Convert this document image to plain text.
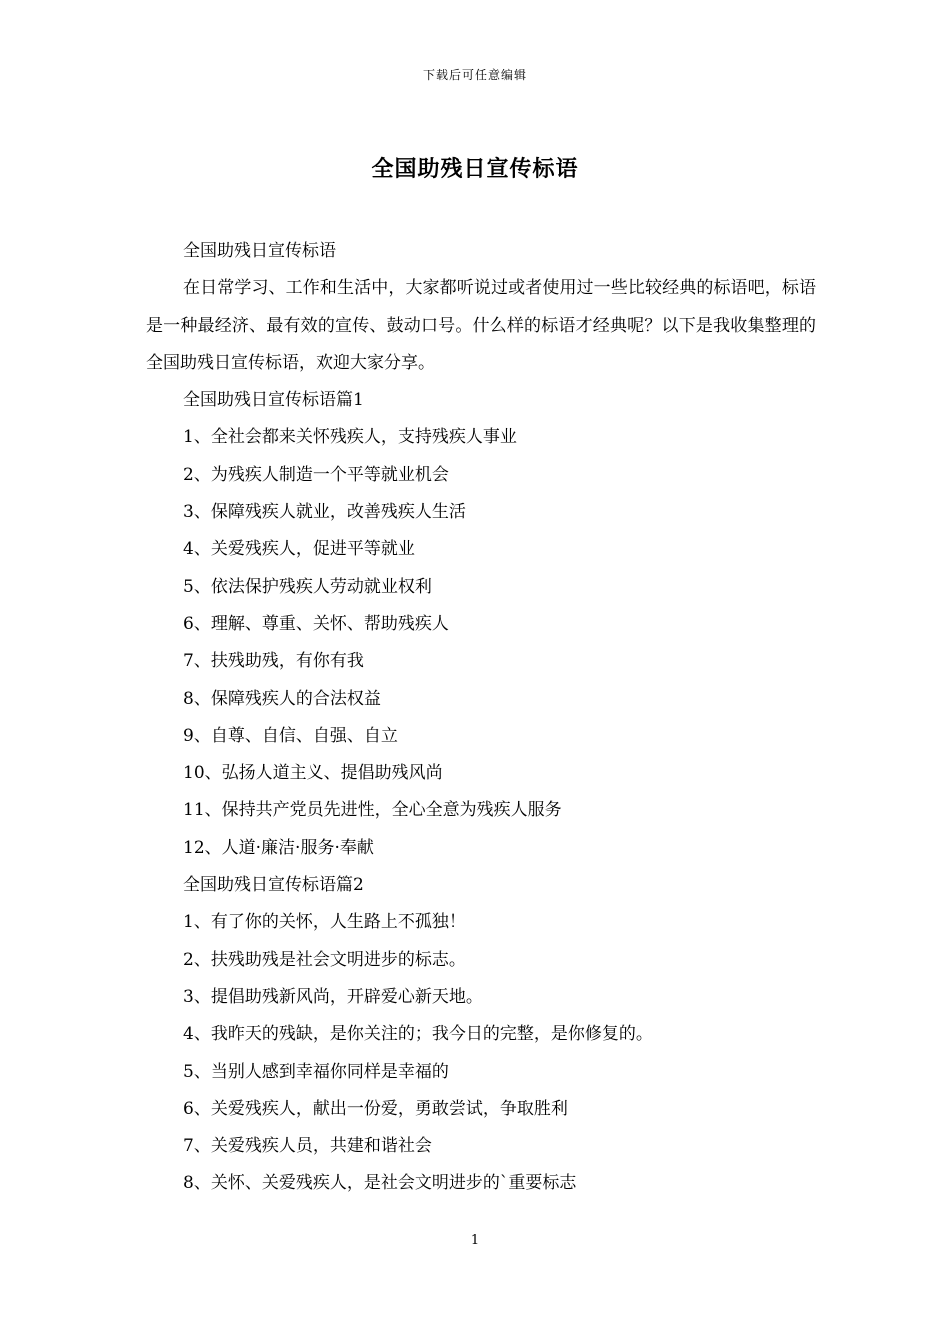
下载后可任意编辑
全国助残日宣传标语

全国助残日宣传标语

在日常学习、工作和生活中，大家都听说过或者使用过一些比较经典的标语吧，标语是一种最经济、最有效的宣传、鼓动口号。什么样的标语才经典呢？以下是我收集整理的全国助残日宣传标语，欢迎大家分享。

全国助残日宣传标语篇1

1、全社会都来关怀残疾人，支持残疾人事业

2、为残疾人制造一个平等就业机会

3、保障残疾人就业，改善残疾人生活

4、关爱残疾人，促进平等就业

5、依法保护残疾人劳动就业权利

6、理解、尊重、关怀、帮助残疾人

7、扶残助残，有你有我

8、保障残疾人的合法权益

9、自尊、自信、自强、自立

10、弘扬人道主义、提倡助残风尚

11、保持共产党员先进性，全心全意为残疾人服务

12、人道·廉洁·服务·奉献

全国助残日宣传标语篇2

1、有了你的关怀，人生路上不孤独！

2、扶残助残是社会文明进步的标志。

3、提倡助残新风尚，开辟爱心新天地。

4、我昨天的残缺，是你关注的；我今日的完整，是你修复的。

5、当别人感到幸福你同样是幸福的

6、关爱残疾人，献出一份爱，勇敢尝试，争取胜利

7、关爱残疾人员，共建和谐社会

8、关怀、关爱残疾人，是社会文明进步的`重要标志

1
